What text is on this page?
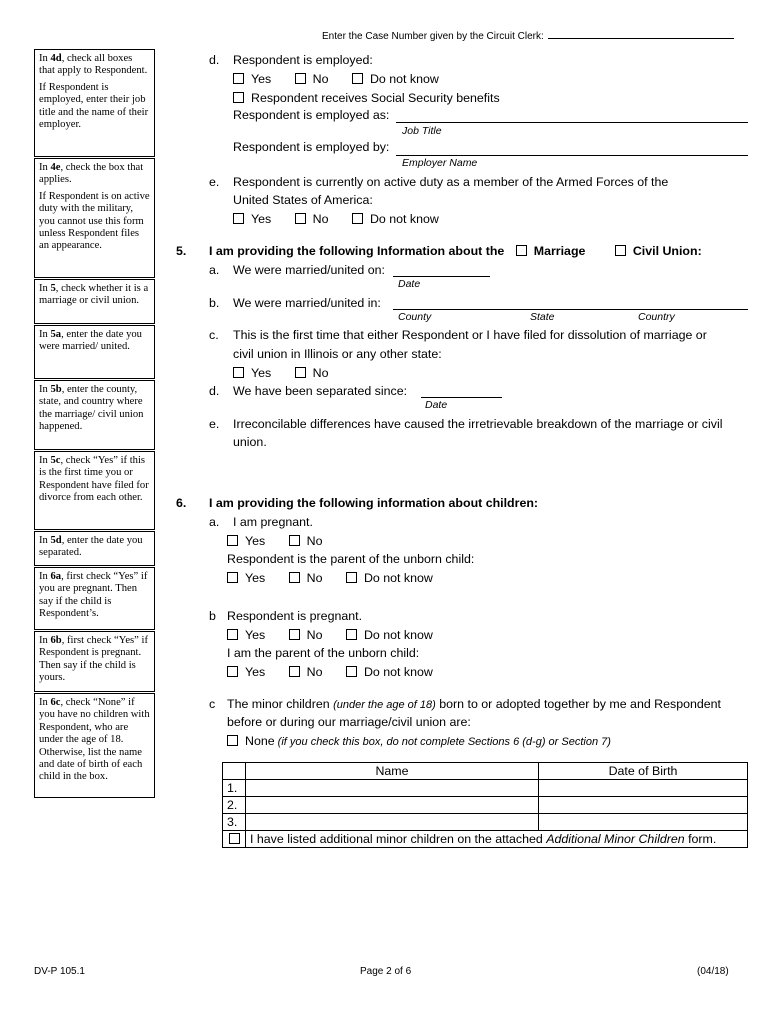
Enter the Case Number given by the Circuit Clerk:

In 4d, check all boxes that apply to Respondent.

If Respondent is employed, enter their job title and the name of their employer.

In 4e, check the box that applies.

If Respondent is on active duty with the military, you cannot use this form unless Respondent files an appearance.

In 5, check whether it is a marriage or civil union.

In 5a, enter the date you were married/ united.

In 5b, enter the county, state, and country where the marriage/ civil union happened.

In 5c, check “Yes” if this is the first time you or Respondent have filed for divorce from each other.

In 5d, enter the date you separated.

In 6a, first check “Yes” if you are pregnant. Then say if the child is Respondent’s.

In 6b, first check “Yes” if Respondent is pregnant. Then say if the child is yours.

In 6c, check “None” if you have no children with Respondent, who are under the age of 18. Otherwise, list the name and date of birth of each child in the box.

d. Respondent is employed:
Yes	No	Do not know
Respondent receives Social Security benefits
Respondent is employed as:
Job Title
Respondent is employed by:
Employer Name
e. Respondent is currently on active duty as a member of the Armed Forces of the
United States of America:
Yes	No	Do not know
5. I am providing the following Information about the Marriage	Civil Union:
a. We were married/united on:
Date
b. We were married/united in:
County	State	Country
c. This is the first time that either Respondent or I have filed for dissolution of marriage or
civil union in Illinois or any other state:
Yes	No
d. We have been separated since:
Date
e. Irreconcilable differences have caused the irretrievable breakdown of the marriage or civil
union.
6. I am providing the following information about children:
a. I am pregnant.
Yes	No
Respondent is the parent of the unborn child:
Yes	No	Do not know
b Respondent is pregnant.
Yes	No	Do not know
I am the parent of the unborn child:
Yes	No	Do not know
c The minor children (under the age of 18) born to or adopted together by me and Respondent
before or during our marriage/civil union are:
None (if you check this box, do not complete Sections 6 (d-g) or Section 7)
	Name	Date of Birth
1.		
2.		
3.		
	I have listed additional minor children on the attached Additional Minor Children form.	
DV-P 105.1	Page 2 of 6	(04/18)
